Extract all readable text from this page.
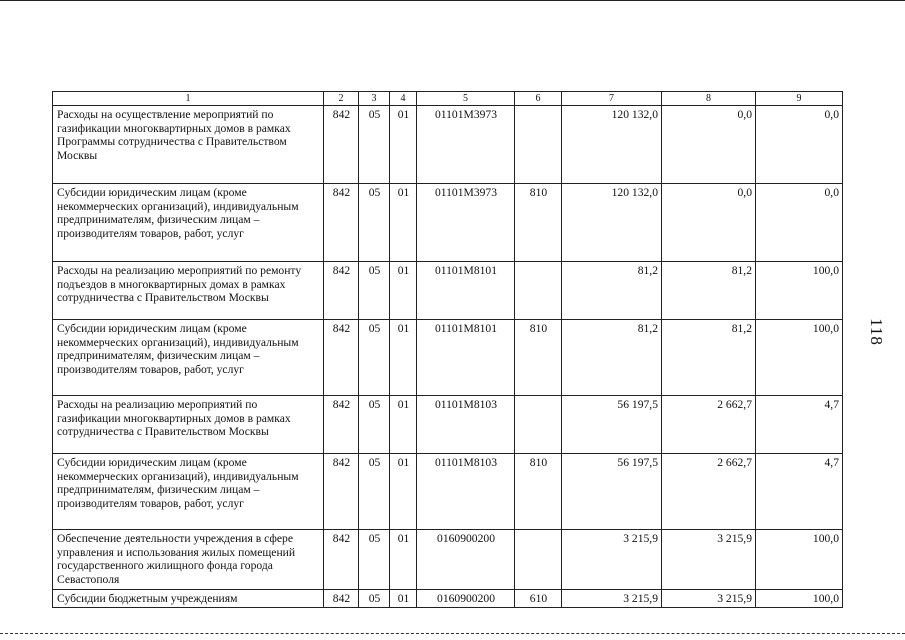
1	2	3	4	5	6	7	8	9
Расходы на осуществление мероприятий по газификации многоквартирных домов в рамках Программы сотрудничества с Правительством Москвы	842	05	01	01101M3973		120 132,0	0,0	0,0
Субсидии юридическим лицам (кроме некоммерческих организаций), индивидуальным предпринимателям, физическим лицам – производителям товаров, работ, услуг	842	05	01	01101M3973	810	120 132,0	0,0	0,0
Расходы на реализацию мероприятий по ремонту подъездов в многоквартирных домах в рамках сотрудничества с Правительством Москвы	842	05	01	01101M8101		81,2	81,2	100,0
Субсидии юридическим лицам (кроме некоммерческих организаций), индивидуальным предпринимателям, физическим лицам – производителям товаров, работ, услуг	842	05	01	01101M8101	810	81,2	81,2	100,0
Расходы на реализацию мероприятий по газификации многоквартирных домов в рамках сотрудничества с Правительством Москвы	842	05	01	01101M8103		56 197,5	2 662,7	4,7
Субсидии юридическим лицам (кроме некоммерческих организаций), индивидуальным предпринимателям, физическим лицам – производителям товаров, работ, услуг	842	05	01	01101M8103	810	56 197,5	2 662,7	4,7
Обеспечение деятельности учреждения в сфере управления и использования жилых помещений государственного жилищного фонда города Севастополя	842	05	01	0160900200		3 215,9	3 215,9	100,0
Субсидии бюджетным учреждениям	842	05	01	0160900200	610	3 215,9	3 215,9	100,0
118
